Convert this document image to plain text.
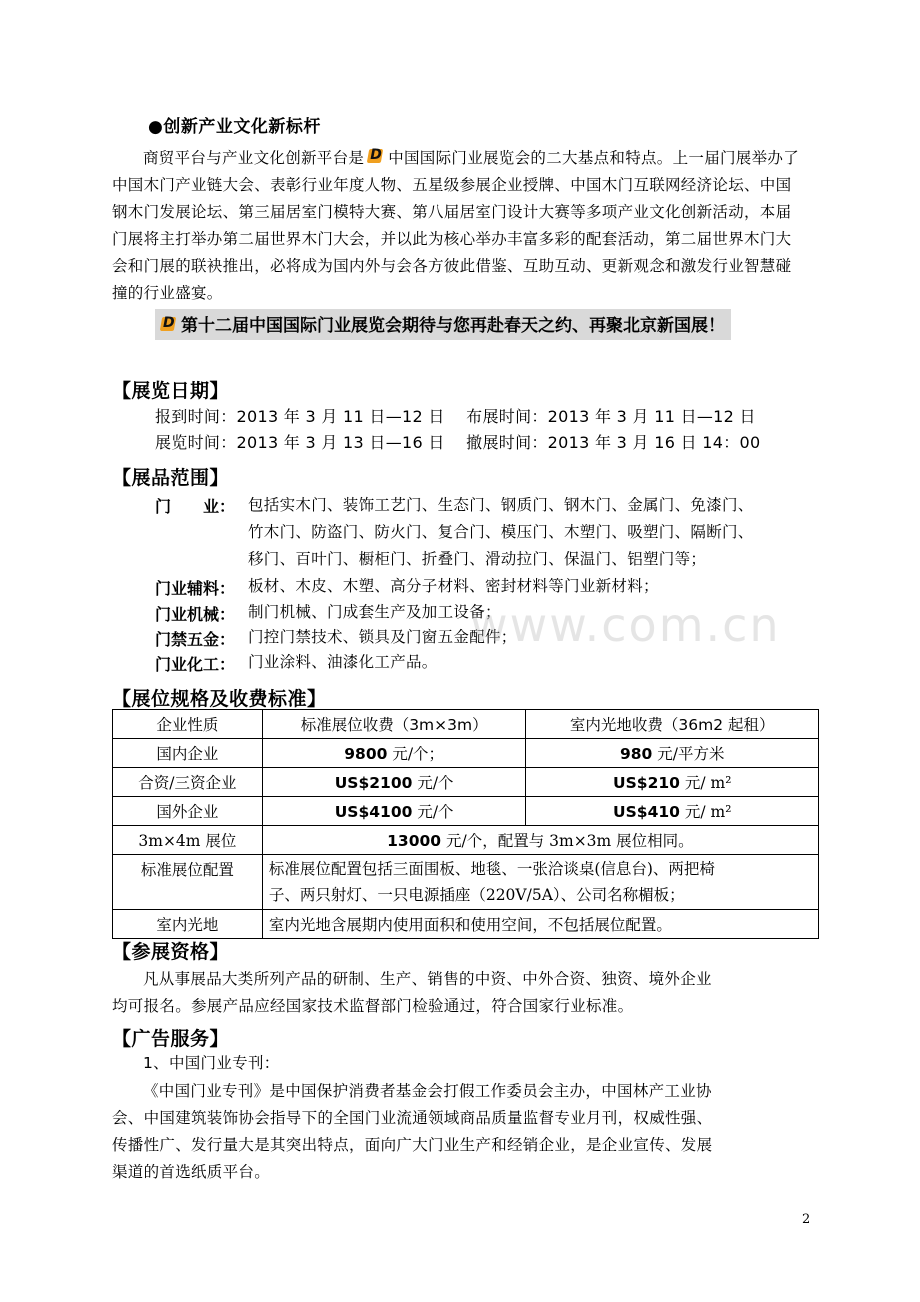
●创新产业文化新标杆
商贸平台与产业文化创新平台是 D 中国国际门业展览会的二大基点和特点。上一届门展举办了
中国木门产业链大会、表彰行业年度人物、五星级参展企业授牌、中国木门互联网经济论坛、中国
钢木门发展论坛、第三届居室门模特大赛、第八届居室门设计大赛等多项产业文化创新活动，本届
门展将主打举办第二届世界木门大会，并以此为核心举办丰富多彩的配套活动，第二届世界木门大
会和门展的联袂推出，必将成为国内外与会各方彼此借鉴、互助互动、更新观念和激发行业智慧碰
撞的行业盛宴。
D 第十二届中国国际门业展览会期待与您再赴春天之约、再聚北京新国展！
【展览日期】
报到时间：2013 年 3 月 11 日—12 日    布展时间：2013 年 3 月 11 日—12 日
展览时间：2013 年 3 月 13 日—16 日    撤展时间：2013 年 3 月 16 日 14：00
【展品范围】
门　　业： 包括实木门、装饰工艺门、生态门、钢质门、钢木门、金属门、免漆门、
竹木门、防盗门、防火门、复合门、模压门、木塑门、吸塑门、隔断门、
移门、百叶门、橱柜门、折叠门、滑动拉门、保温门、铝塑门等；
门业辅料： 板材、木皮、木塑、高分子材料、密封材料等门业新材料；
门业机械： 制门机械、门成套生产及加工设备；
门禁五金： 门控门禁技术、锁具及门窗五金配件；
门业化工： 门业涂料、油漆化工产品。
www.com.cn
【展位规格及收费标准】
企业性质	标准展位收费（3m×3m）	室内光地收费（36m2 起租）
国内企业	9800 元/个；	980 元/平方米
合资/三资企业	US$2100 元/个	US$210 元/ m²
国外企业	US$4100 元/个	US$410 元/ m²
3m×4m 展位	13000 元/个，配置与 3m×3m 展位相同。	
标准展位配置	标准展位配置包括三面围板、地毯、一张洽谈桌(信息台)、两把椅
子、两只射灯、一只电源插座（220V/5A）、公司名称楣板；	

室内光地	室内光地含展期内使用面积和使用空间，不包括展位配置。	
【参展资格】
凡从事展品大类所列产品的研制、生产、销售的中资、中外合资、独资、境外企业
均可报名。参展产品应经国家技术监督部门检验通过，符合国家行业标准。
【广告服务】
1、中国门业专刊：
《中国门业专刊》是中国保护消费者基金会打假工作委员会主办，中国林产工业协
会、中国建筑装饰协会指导下的全国门业流通领域商品质量监督专业月刊，权威性强、
传播性广、发行量大是其突出特点，面向广大门业生产和经销企业，是企业宣传、发展
渠道的首选纸质平台。
2
